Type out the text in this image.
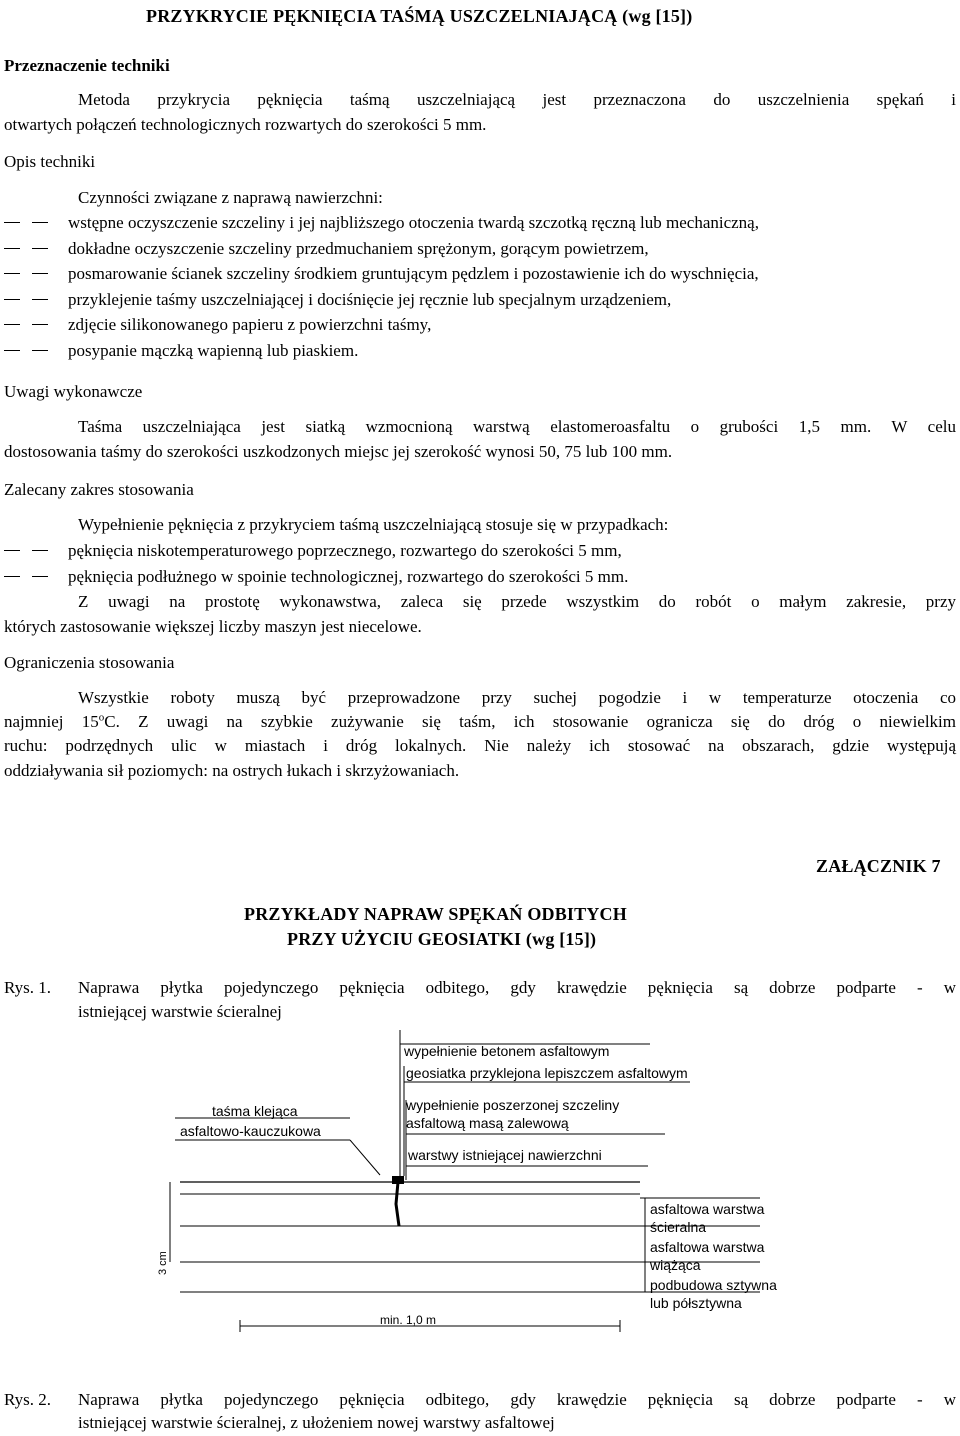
PRZYKRYCIE PĘKNIĘCIA TAŚMĄ USZCZELNIAJĄCĄ (wg [15])
Przeznaczenie techniki
Metoda przykrycia pęknięcia taśmą uszczelniającą jest przeznaczona do uszczelnienia spękań i
otwartych połączeń technologicznych rozwartych do szerokości 5 mm.
Opis techniki
Czynności związane z naprawą nawierzchni:
wstępne oczyszczenie szczeliny i jej najbliższego otoczenia twardą szczotką ręczną lub mechaniczną,
dokładne oczyszczenie szczeliny przedmuchaniem sprężonym, gorącym powietrzem,
posmarowanie ścianek szczeliny środkiem gruntującym pędzlem i pozostawienie ich do wyschnięcia,
przyklejenie taśmy uszczelniającej i dociśnięcie jej ręcznie lub specjalnym urządzeniem,
zdjęcie silikonowanego papieru z powierzchni taśmy,
posypanie mączką wapienną lub piaskiem.
Uwagi wykonawcze
Taśma uszczelniająca jest siatką wzmocnioną warstwą elastomeroasfaltu o grubości 1,5 mm. W celu
dostosowania taśmy do szerokości uszkodzonych miejsc jej szerokość wynosi 50, 75 lub 100 mm.
Zalecany zakres stosowania
Wypełnienie pęknięcia z przykryciem taśmą uszczelniającą stosuje się w przypadkach:
pęknięcia niskotemperaturowego poprzecznego, rozwartego do szerokości 5 mm,
pęknięcia podłużnego w spoinie technologicznej, rozwartego do szerokości 5 mm.
Z uwagi na prostotę wykonawstwa, zaleca się przede wszystkim do robót o małym zakresie, przy
których zastosowanie większej liczby maszyn jest niecelowe.
Ograniczenia stosowania
Wszystkie roboty muszą być przeprowadzone przy suchej pogodzie i w temperaturze otoczenia co
najmniej 15$^o$C. Z uwagi na szybkie zużywanie się taśm, ich stosowanie ogranicza się do dróg o niewielkim
ruchu: podrzędnych ulic w miastach i dróg lokalnych. Nie należy ich stosować na obszarach, gdzie występują
oddziaływania sił poziomych: na ostrych łukach i skrzyżowaniach.
ZAŁĄCZNIK 7
PRZYKŁADY NAPRAW SPĘKAŃ ODBITYCH
PRZY UŻYCIU GEOSIATKI (wg [15])
Rys. 1. Naprawa płytka pojedynczego pęknięcia odbitego, gdy krawędzie pęknięcia są dobrze podparte - w
istniejącej warstwie ścieralnej
wypełnienie betonem asfaltowym
geosiatka przyklejona lepiszczem asfaltowym
wypełnienie poszerzonej szczeliny
asfaltową masą zalewową
warstwy istniejącej nawierzchni
taśma klejąca
asfaltowo-kauczukowa
asfaltowa warstwa
ścieralna
asfaltowa warstwa
wiążąca
podbudowa sztywna
lub półsztywna
3 cm
min. 1,0 m
Rys. 2. Naprawa płytka pojedynczego pęknięcia odbitego, gdy krawędzie pęknięcia są dobrze podparte - w
istniejącej warstwie ścieralnej, z ułożeniem nowej warstwy asfaltowej
